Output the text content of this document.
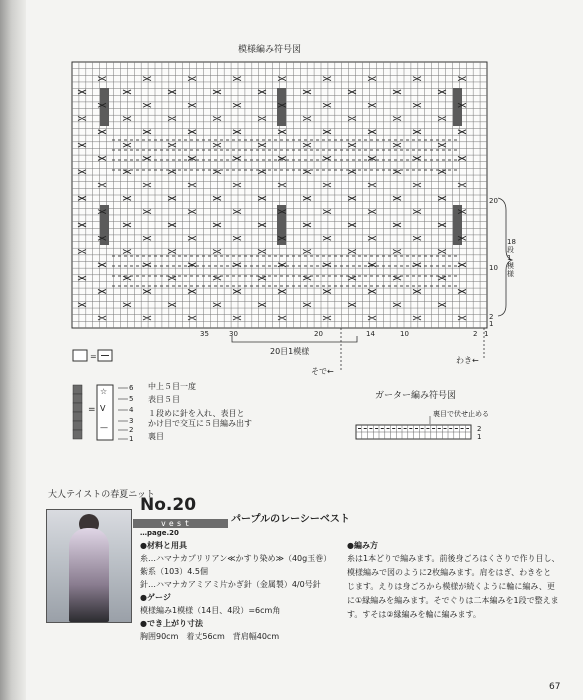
模様編み符号図
=
☆
V
—
35	30	20	14	10	2 1
20
10
2
1
18段1模様
20目1模様
そで←
わき←
=
中上５目一度
表目５目
１段めに針を入れ、表目と
かけ目で交互に５目編み出す
裏目
6
5
4
3
2
1
ガーター編み符号図
裏目で伏せ止める
2
1
大人テイストの春夏ニット
No.20
vest
…page.20
パープルのレーシーベスト
●材料と用具
糸…ハマナカプリリアン≪かすり染め≫（40g玉巻）
紫系（103）4.5個
針…ハマナカアミアミ片かぎ針（金属製）4/0号針
●ゲージ
模様編み1模様（14目、4段）=6cm角
●でき上がり寸法
胸囲90cm　着丈56cm　背肩幅40cm
●編み方
糸は1本どりで編みます。前後身ごろはくさりで作り目し、
模様編みで図のように2枚編みます。肩をはぎ、わきをと
じます。えりは身ごろから模様が続くように輪に編み、更
に①縁編みを編みます。そでぐりは二本編みを1段で整えま
す。すそは②縁編みを輪に編みます。
67
